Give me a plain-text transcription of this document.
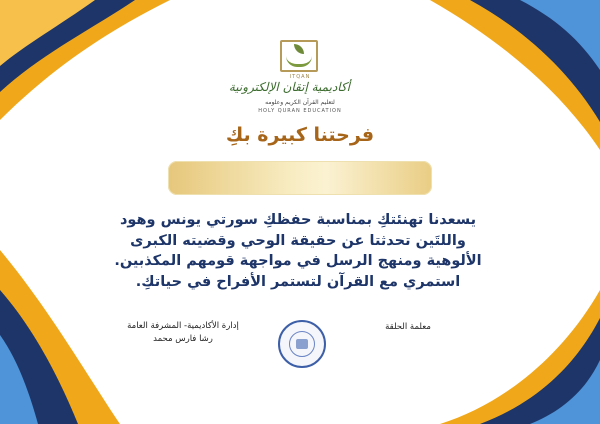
ITQAN
أكاديمية إتقان الإلكترونية
لتعليم القرآن الكريم وعلومه
HOLY QURAN EDUCATION
فرحتنا كبيرة بكِ
يسعدنا تهنئتكِ بمناسبة حفظكِ سورتي يونس وهود
واللتَين تحدثتا عن حقيقة الوحي وقضيته الكبرى
الألوهية ومنهج الرسل في مواجهة قومهم المكذبين.
استمري مع القرآن لتستمر الأفراح في حياتكِ.
إدارة الأكاديمية- المشرفة العامة
رشا فارس محمد
معلمة الحلقة
